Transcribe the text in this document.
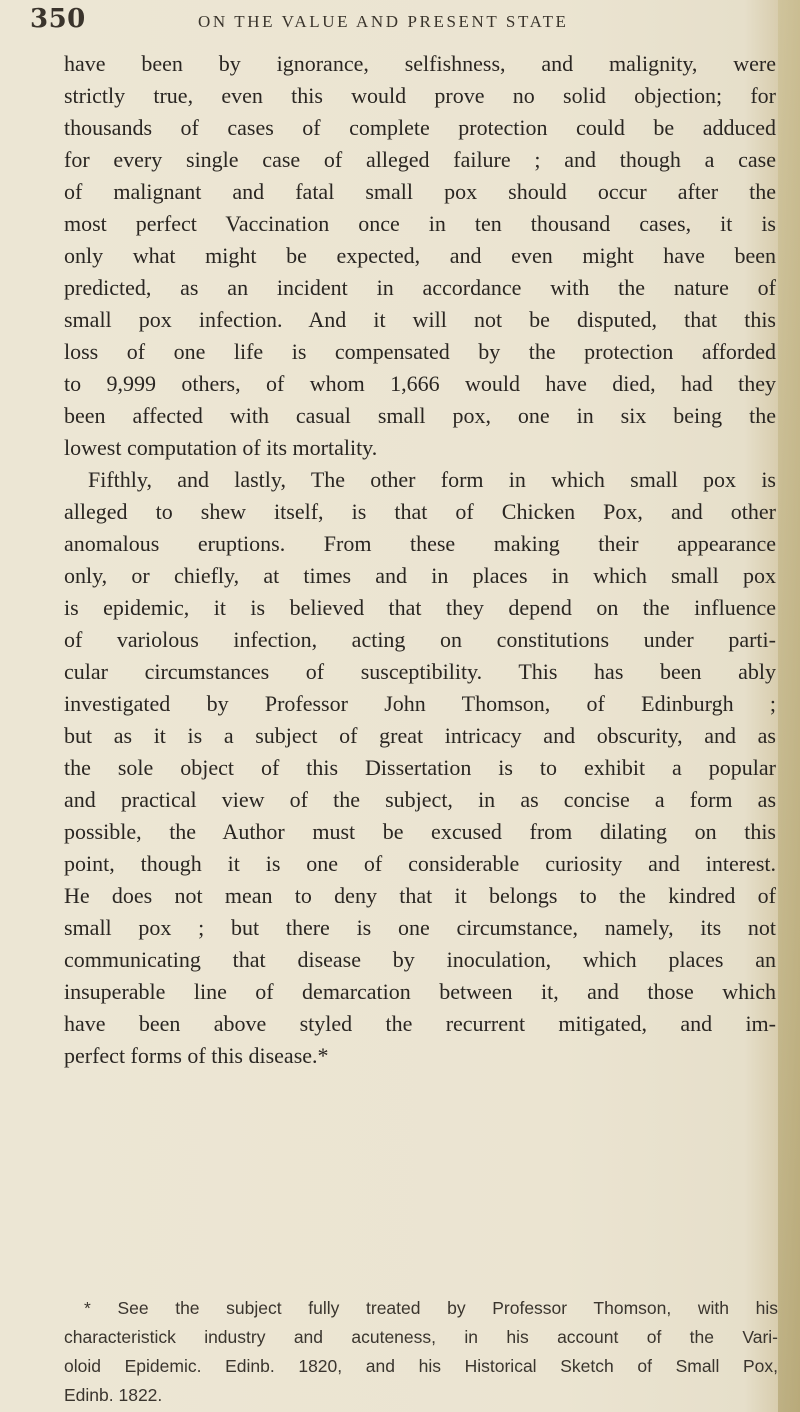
350	ON THE VALUE AND PRESENT STATE
have been by ignorance, selfishness, and malignity, were
strictly true, even this would prove no solid objection; for
thousands of cases of complete protection could be adduced
for every single case of alleged failure ; and though a case
of malignant and fatal small pox should occur after the
most perfect Vaccination once in ten thousand cases, it is
only what might be expected, and even might have been
predicted, as an incident in accordance with the nature of
small pox infection. And it will not be disputed, that this
loss of one life is compensated by the protection afforded
to 9,999 others, of whom 1,666 would have died, had they
been affected with casual small pox, one in six being the
lowest computation of its mortality.
Fifthly, and lastly, The other form in which small pox is
alleged to shew itself, is that of Chicken Pox, and other
anomalous eruptions. From these making their appearance
only, or chiefly, at times and in places in which small pox
is epidemic, it is believed that they depend on the influence
of variolous infection, acting on constitutions under parti-
cular circumstances of susceptibility. This has been ably
investigated by Professor John Thomson, of Edinburgh ;
but as it is a subject of great intricacy and obscurity, and as
the sole object of this Dissertation is to exhibit a popular
and practical view of the subject, in as concise a form as
possible, the Author must be excused from dilating on this
point, though it is one of considerable curiosity and interest.
He does not mean to deny that it belongs to the kindred of
small pox ; but there is one circumstance, namely, its not
communicating that disease by inoculation, which places an
insuperable line of demarcation between it, and those which
have been above styled the recurrent mitigated, and im-
perfect forms of this disease.*
* See the subject fully treated by Professor Thomson, with his
characteristick industry and acuteness, in his account of the Vari-
oloid Epidemic. Edinb. 1820, and his Historical Sketch of Small Pox,
Edinb. 1822.
